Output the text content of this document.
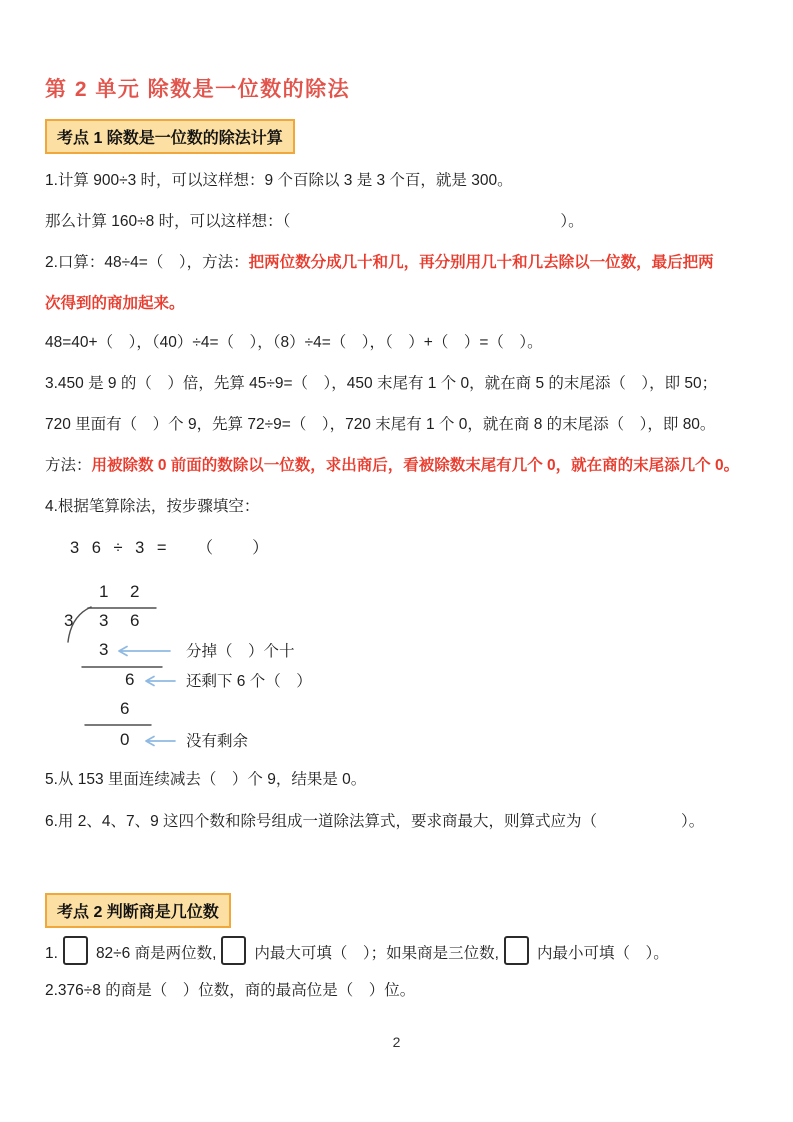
第 2 单元 除数是一位数的除法
考点 1 除数是一位数的除法计算
1.计算 900÷3 时，可以这样想：9 个百除以 3 是 3 个百，就是 300。
那么计算 160÷8 时，可以这样想：（	）。
2.口算：48÷4=（　），方法：把两位数分成几十和几，再分别用几十和几去除以一位数，最后把两
次得到的商加起来。
48=40+（　），（40）÷4=（　），（8）÷4=（　），（　）+（　）=（　）。
3.450 是 9 的（　）倍，先算 45÷9=（　），450 末尾有 1 个 0，就在商 5 的末尾添（　），即 50；
720 里面有（　）个 9，先算 72÷9=（　），720 末尾有 1 个 0，就在商 8 的末尾添（　），即 80。
方法：用被除数 0 前面的数除以一位数，求出商后，看被除数末尾有几个 0，就在商的末尾添几个 0。
4.根据笔算除法，按步骤填空：
3 6 ÷ 3 = （　　）
1 2
3 3 6
3
6
6
0
分掉（　）个十
还剩下 6 个（　）
没有剩余
5.从 153 里面连续减去（　）个 9，结果是 0。
6.用 2、4、7、9 这四个数和除号组成一道除法算式，要求商最大，则算式应为（	）。
考点 2 判断商是几位数
1. 82÷6 商是两位数, 内最大可填（　）；如果商是三位数, 内最小可填（　）。
2.376÷8 的商是（　）位数，商的最高位是（　）位。
2
